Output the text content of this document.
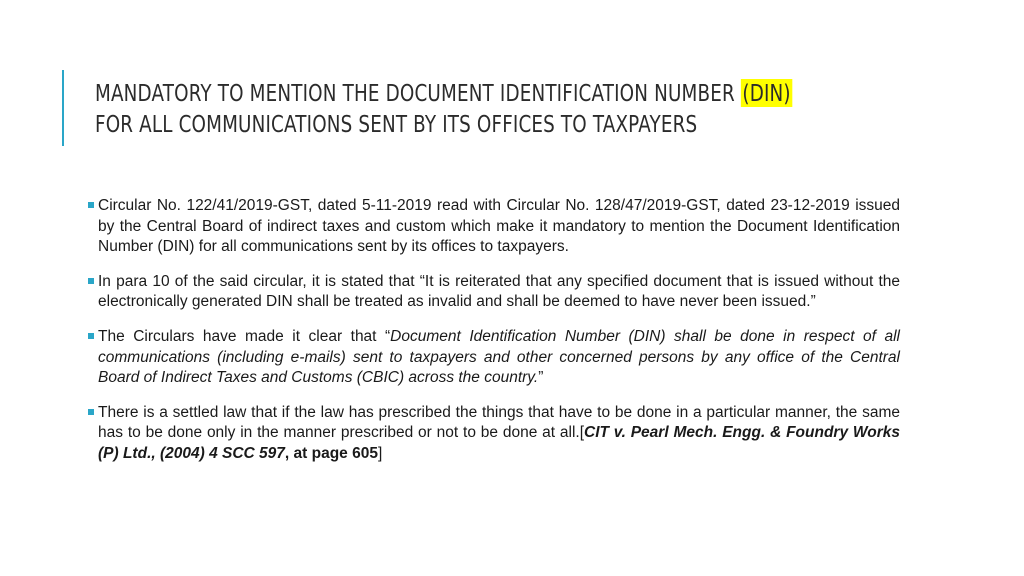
MANDATORY TO MENTION THE DOCUMENT IDENTIFICATION NUMBER (DIN)
FOR ALL COMMUNICATIONS SENT BY ITS OFFICES TO TAXPAYERS
Circular No. 122/41/2019-GST, dated 5-11-2019 read with Circular No. 128/47/2019-GST, dated 23-12-2019 issued by the Central Board of indirect taxes and custom which make it mandatory to mention the Document Identification Number (DIN) for all communications sent by its offices to taxpayers.
In para 10 of the said circular, it is stated that “It is reiterated that any specified document that is issued without the electronically generated DIN shall be treated as invalid and shall be deemed to have never been issued.”
The Circulars have made it clear that “Document Identification Number (DIN) shall be done in respect of all communications (including e-mails) sent to taxpayers and other concerned persons by any office of the Central Board of Indirect Taxes and Customs (CBIC) across the country.”
There is a settled law that if the law has prescribed the things that have to be done in a particular manner, the same has to be done only in the manner prescribed or not to be done at all.[CIT v. Pearl Mech. Engg. & Foundry Works (P) Ltd., (2004) 4 SCC 597, at page 605]
